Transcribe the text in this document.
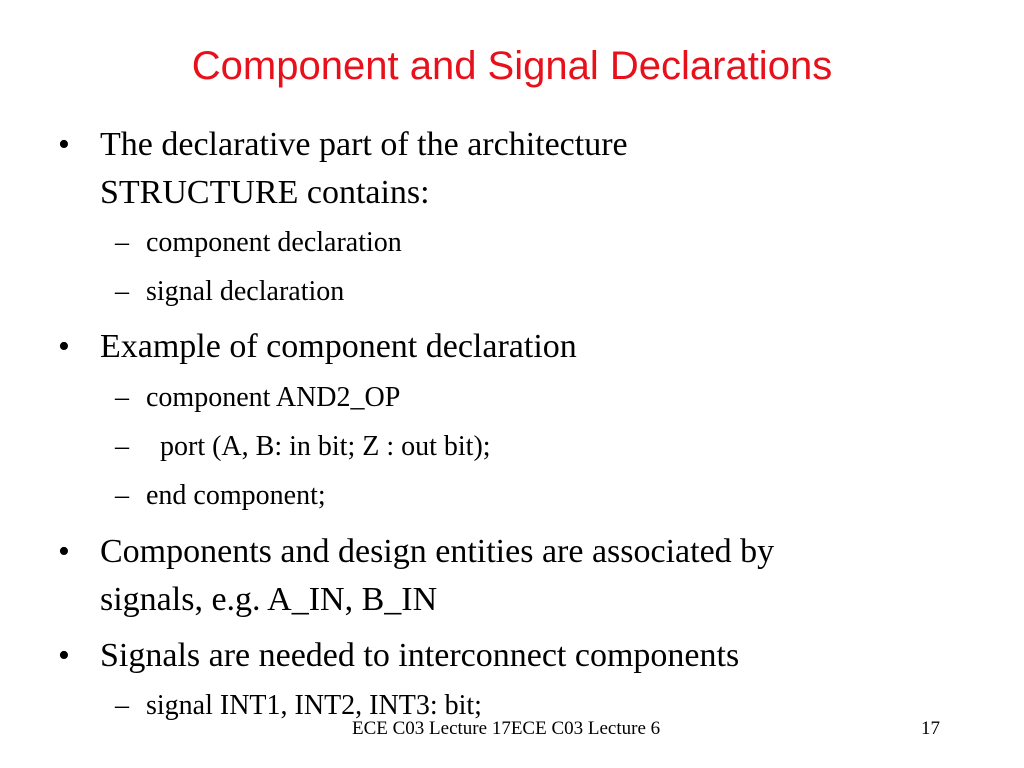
Component and Signal Declarations
• The declarative part of the architecture
STRUCTURE contains:
– component declaration
– signal declaration
• Example of component declaration
– component AND2_OP
– port (A, B: in bit; Z : out bit);
– end component;
• Components and design entities are associated by
signals, e.g. A_IN, B_IN
• Signals are needed to interconnect components
– signal INT1, INT2, INT3: bit;
ECE C03 Lecture 17ECE C03 Lecture 6	17
